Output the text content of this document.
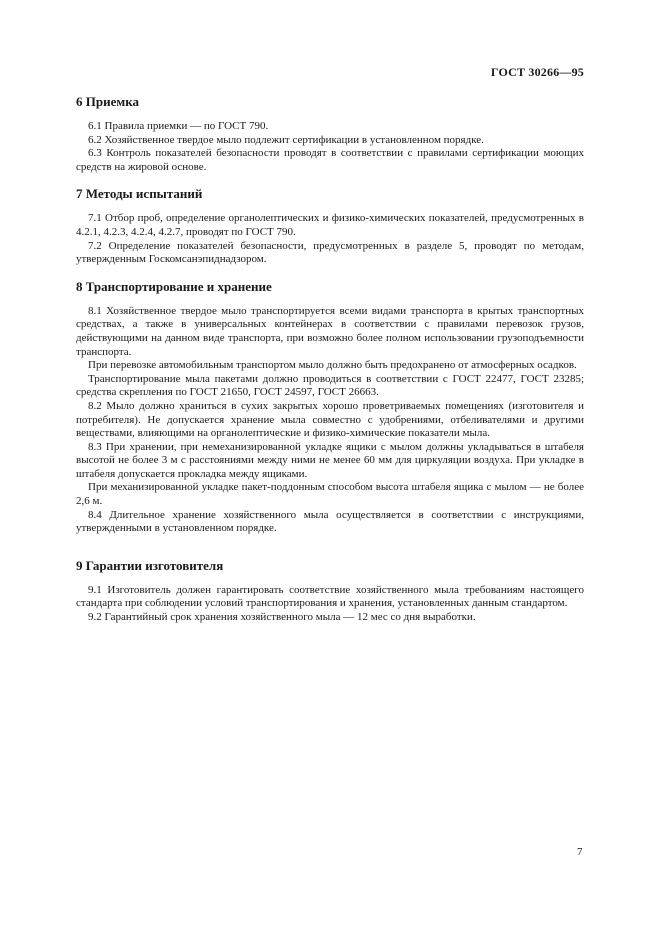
ГОСТ 30266—95
6 Приемка

6.1 Правила приемки — по ГОСТ 790.

6.2 Хозяйственное твердое мыло подлежит сертификации в установленном порядке.

6.3 Контроль показателей безопасности проводят в соответствии с правилами сертификации моющих средств на жировой основе.

7 Методы испытаний

7.1 Отбор проб, определение органолептических и физико-химических показателей, предусмотренных в 4.2.1, 4.2.3, 4.2.4, 4.2.7, проводят по ГОСТ 790.

7.2 Определение показателей безопасности, предусмотренных в разделе 5, проводят по методам, утвержденным Госкомсанэпиднадзором.

8 Транспортирование и хранение

8.1 Хозяйственное твердое мыло транспортируется всеми видами транспорта в крытых транспортных средствах, а также в универсальных контейнерах в соответствии с правилами перевозок грузов, действующими на данном виде транспорта, при возможно более полном использовании грузоподъемности транспорта.

При перевозке автомобильным транспортом мыло должно быть предохранено от атмосферных осадков.

Транспортирование мыла пакетами должно проводиться в соответствии с ГОСТ 22477, ГОСТ 23285; средства скрепления по ГОСТ 21650, ГОСТ 24597, ГОСТ 26663.

8.2 Мыло должно храниться в сухих закрытых хорошо проветриваемых помещениях (изготовителя и потребителя). Не допускается хранение мыла совместно с удобрениями, отбеливателями и другими веществами, влияющими на органолептические и физико-химические показатели мыла.

8.3 При хранении, при немеханизированной укладке ящики с мылом должны укладываться в штабеля высотой не более 3 м с расстояниями между ними не менее 60 мм для циркуляции воздуха. При укладке в штабеля допускается прокладка между ящиками.

При механизированной укладке пакет-поддонным способом высота штабеля ящика с мылом — не более 2,6 м.

8.4 Длительное хранение хозяйственного мыла осуществляется в соответствии с инструкциями, утвержденными в установленном порядке.

9 Гарантии изготовителя

9.1 Изготовитель должен гарантировать соответствие хозяйственного мыла требованиям настоящего стандарта при соблюдении условий транспортирования и хранения, установленных данным стандартом.

9.2 Гарантийный срок хранения хозяйственного мыла — 12 мес со дня выработки.

7
